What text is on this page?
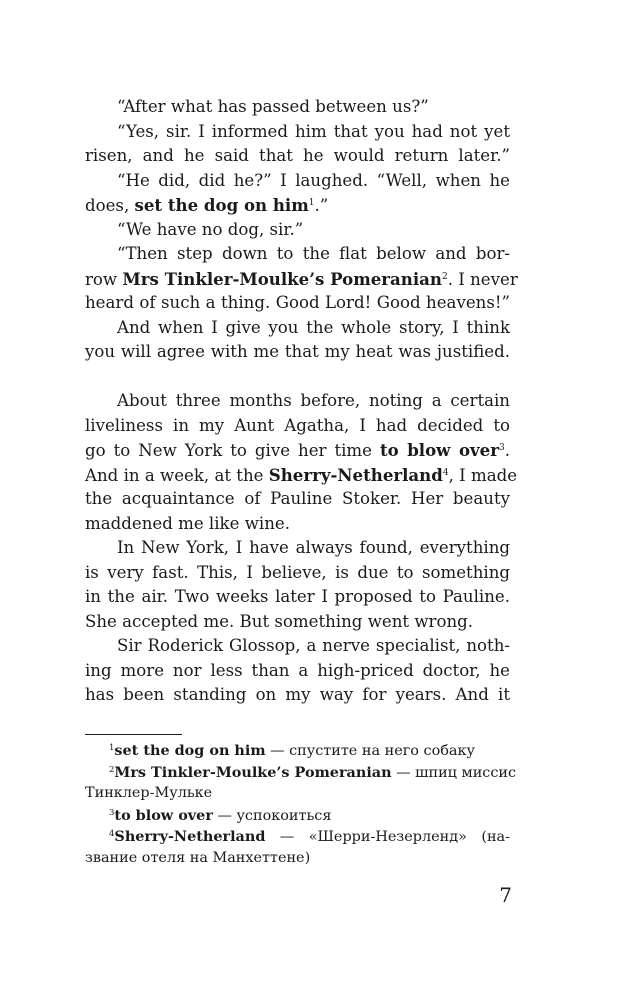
“After what has passed between us?”
“Yes, sir. I informed him that you had not yet
risen, and he said that he would return later.”
“He did, did he?” I laughed. “Well, when he
does, set the dog on him$^1$.”
“We have no dog, sir.”
“Then step down to the flat below and bor-
row Mrs Tinkler-Moulke’s Pomeranian$^2$. I never
heard of such a thing. Good Lord! Good heavens!”
And when I give you the whole story, I think
you will agree with me that my heat was justified.
About three months before, noting a certain
liveliness in my Aunt Agatha, I had decided to
go to New York to give her time to blow over$^3$.
And in a week, at the Sherry-Netherland$^4$, I made
the acquaintance of Pauline Stoker. Her beauty
maddened me like wine.
In New York, I have always found, everything
is very fast. This, I believe, is due to something
in the air. Two weeks later I proposed to Pauline.
She accepted me. But something went wrong.
Sir Roderick Glossop, a nerve specialist, noth-
ing more nor less than a high-priced doctor, he
has been standing on my way for years. And it
$^1$set the dog on him — спустите на него собаку
$^2$Mrs Tinkler-Moulke’s Pomeranian — шпиц миссис
Тинклер-Мульке
$^3$to blow over — успокоиться
$^4$Sherry-Netherland — «Шерри-Незерленд» (на-
звание отеля на Манхеттене)
7
